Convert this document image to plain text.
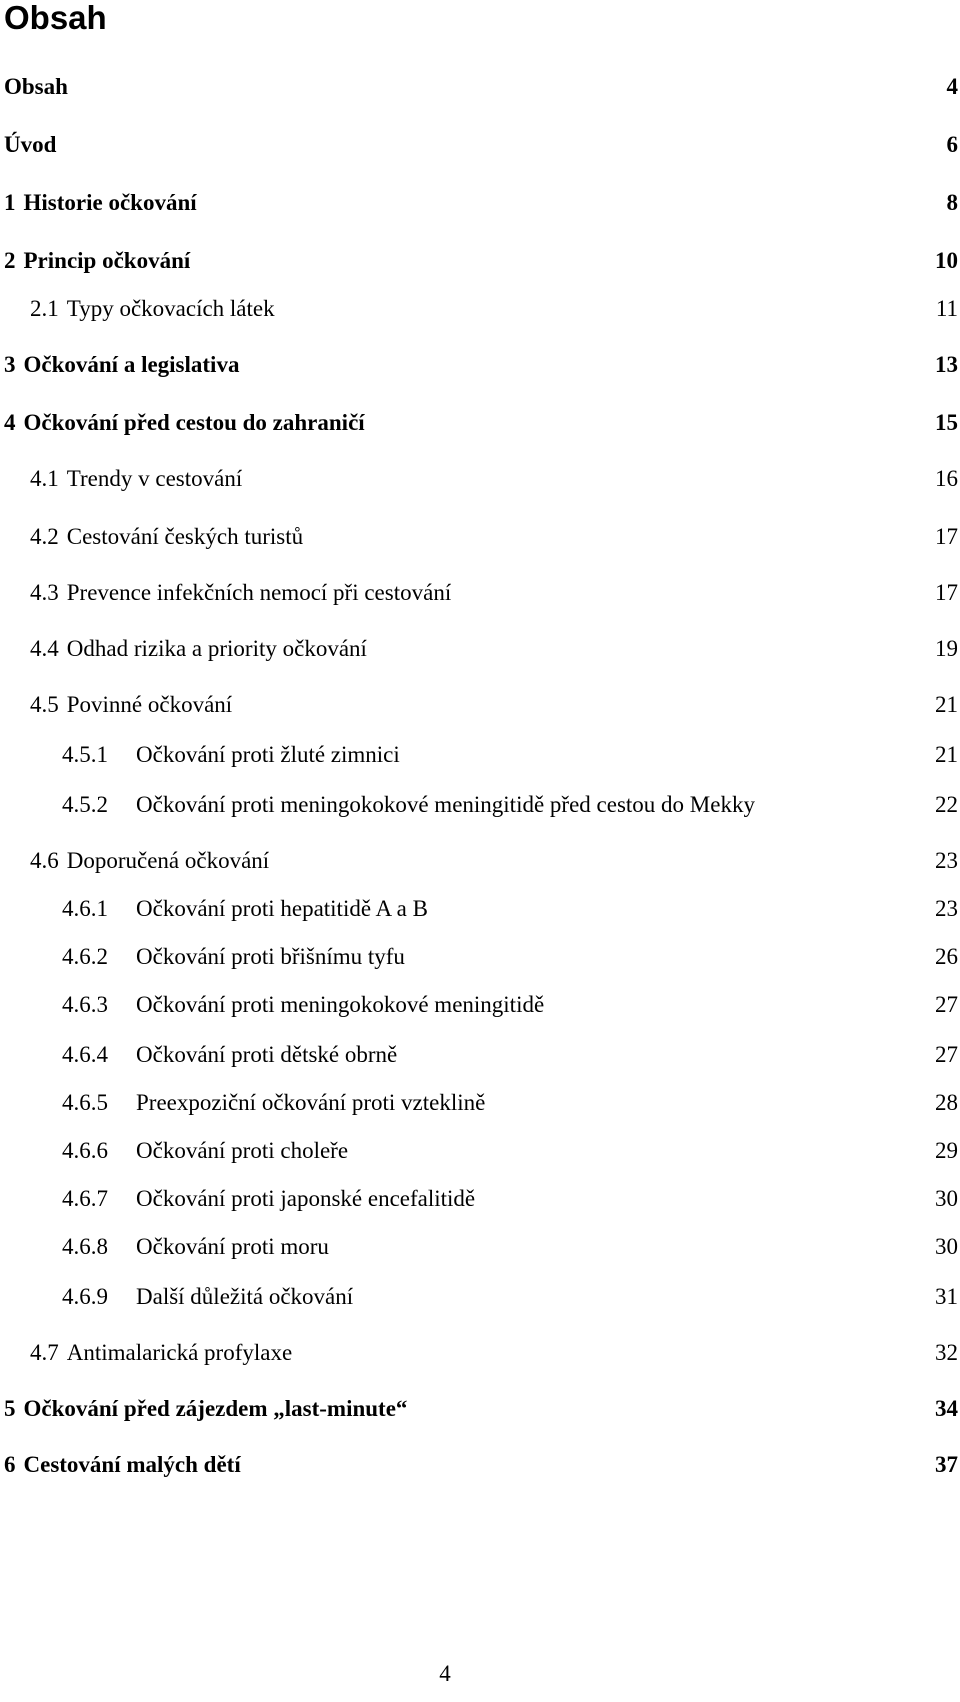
Obsah
Obsah	4
Úvod	6
1 Historie očkování	8
2 Princip očkování	10
2.1 Typy očkovacích látek	11
3 Očkování a legislativa	13
4 Očkování před cestou do zahraničí	15
4.1 Trendy v cestování	16
4.2 Cestování českých turistů	17
4.3 Prevence infekčních nemocí při cestování	17
4.4 Odhad rizika a priority očkování	19
4.5 Povinné očkování	21
4.5.1	Očkování proti žluté zimnici	21
4.5.2	Očkování proti meningokokové meningitidě před cestou do Mekky	22
4.6 Doporučená očkování	23
4.6.1	Očkování proti hepatitidě A a B	23
4.6.2	Očkování proti břišnímu tyfu	26
4.6.3	Očkování proti meningokokové meningitidě	27
4.6.4	Očkování proti dětské obrně	27
4.6.5	Preexpoziční očkování proti vzteklině	28
4.6.6	Očkování proti choleře	29
4.6.7	Očkování proti japonské encefalitidě	30
4.6.8	Očkování proti moru	30
4.6.9	Další důležitá očkování	31
4.7 Antimalarická profylaxe	32
5 Očkování před zájezdem „last-minute“	34
6 Cestování malých dětí	37
4
